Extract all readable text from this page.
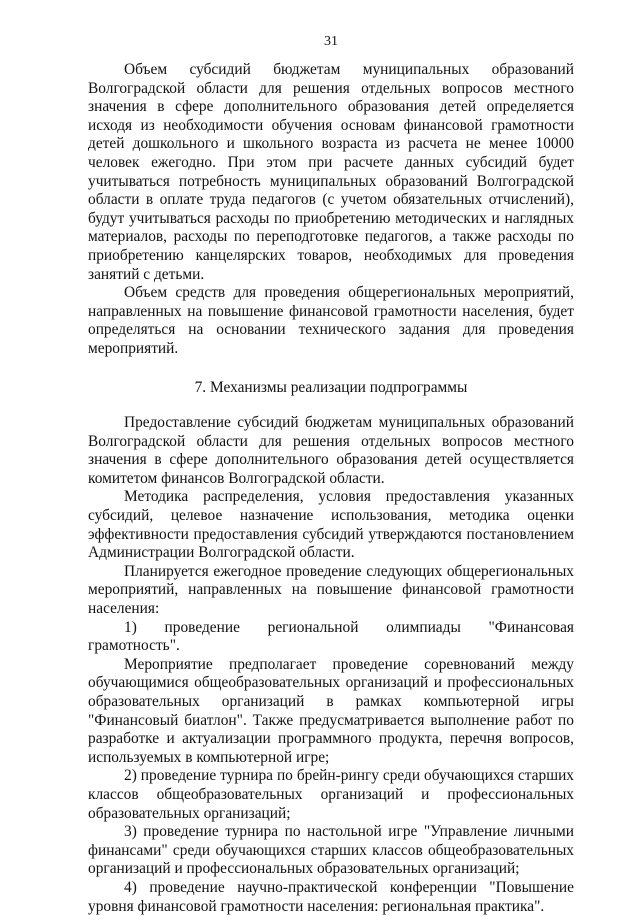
31

Объем субсидий бюджетам муниципальных образований Волгоградской области для решения отдельных вопросов местного значения в сфере дополнительного образования детей определяется исходя из необходимости обучения основам финансовой грамотности детей дошкольного и школьного возраста из расчета не менее 10000 человек ежегодно. При этом при расчете данных субсидий будет учитываться потребность муниципальных образований Волгоградской области в оплате труда педагогов (с учетом обязательных отчислений), будут учитываться расходы по приобретению методических и наглядных материалов, расходы по переподготовке педагогов, а также расходы по приобретению канцелярских товаров, необходимых для проведения занятий с детьми.

Объем средств для проведения общерегиональных мероприятий, направленных на повышение финансовой грамотности населения, будет определяться на основании технического задания для проведения мероприятий.

7. Механизмы реализации подпрограммы

Предоставление субсидий бюджетам муниципальных образований Волгоградской области для решения отдельных вопросов местного значения в сфере дополнительного образования детей осуществляется комитетом финансов Волгоградской области.

Методика распределения, условия предоставления указанных субсидий, целевое назначение использования, методика оценки эффективности предоставления субсидий утверждаются постановлением Администрации Волгоградской области.

Планируется ежегодное проведение следующих общерегиональных мероприятий, направленных на повышение финансовой грамотности населения:

1) проведение региональной олимпиады "Финансовая грамотность".

Мероприятие предполагает проведение соревнований между обучающимися общеобразовательных организаций и профессиональных образовательных организаций в рамках компьютерной игры "Финансовый биатлон". Также предусматривается выполнение работ по разработке и актуализации программного продукта, перечня вопросов, используемых в компьютерной игре;

2) проведение турнира по брейн-рингу среди обучающихся старших классов общеобразовательных организаций и профессиональных образовательных организаций;

3) проведение турнира по настольной игре "Управление личными финансами" среди обучающихся старших классов общеобразовательных организаций и профессиональных образовательных организаций;

4) проведение научно-практической конференции "Повышение уровня финансовой грамотности населения: региональная практика".
